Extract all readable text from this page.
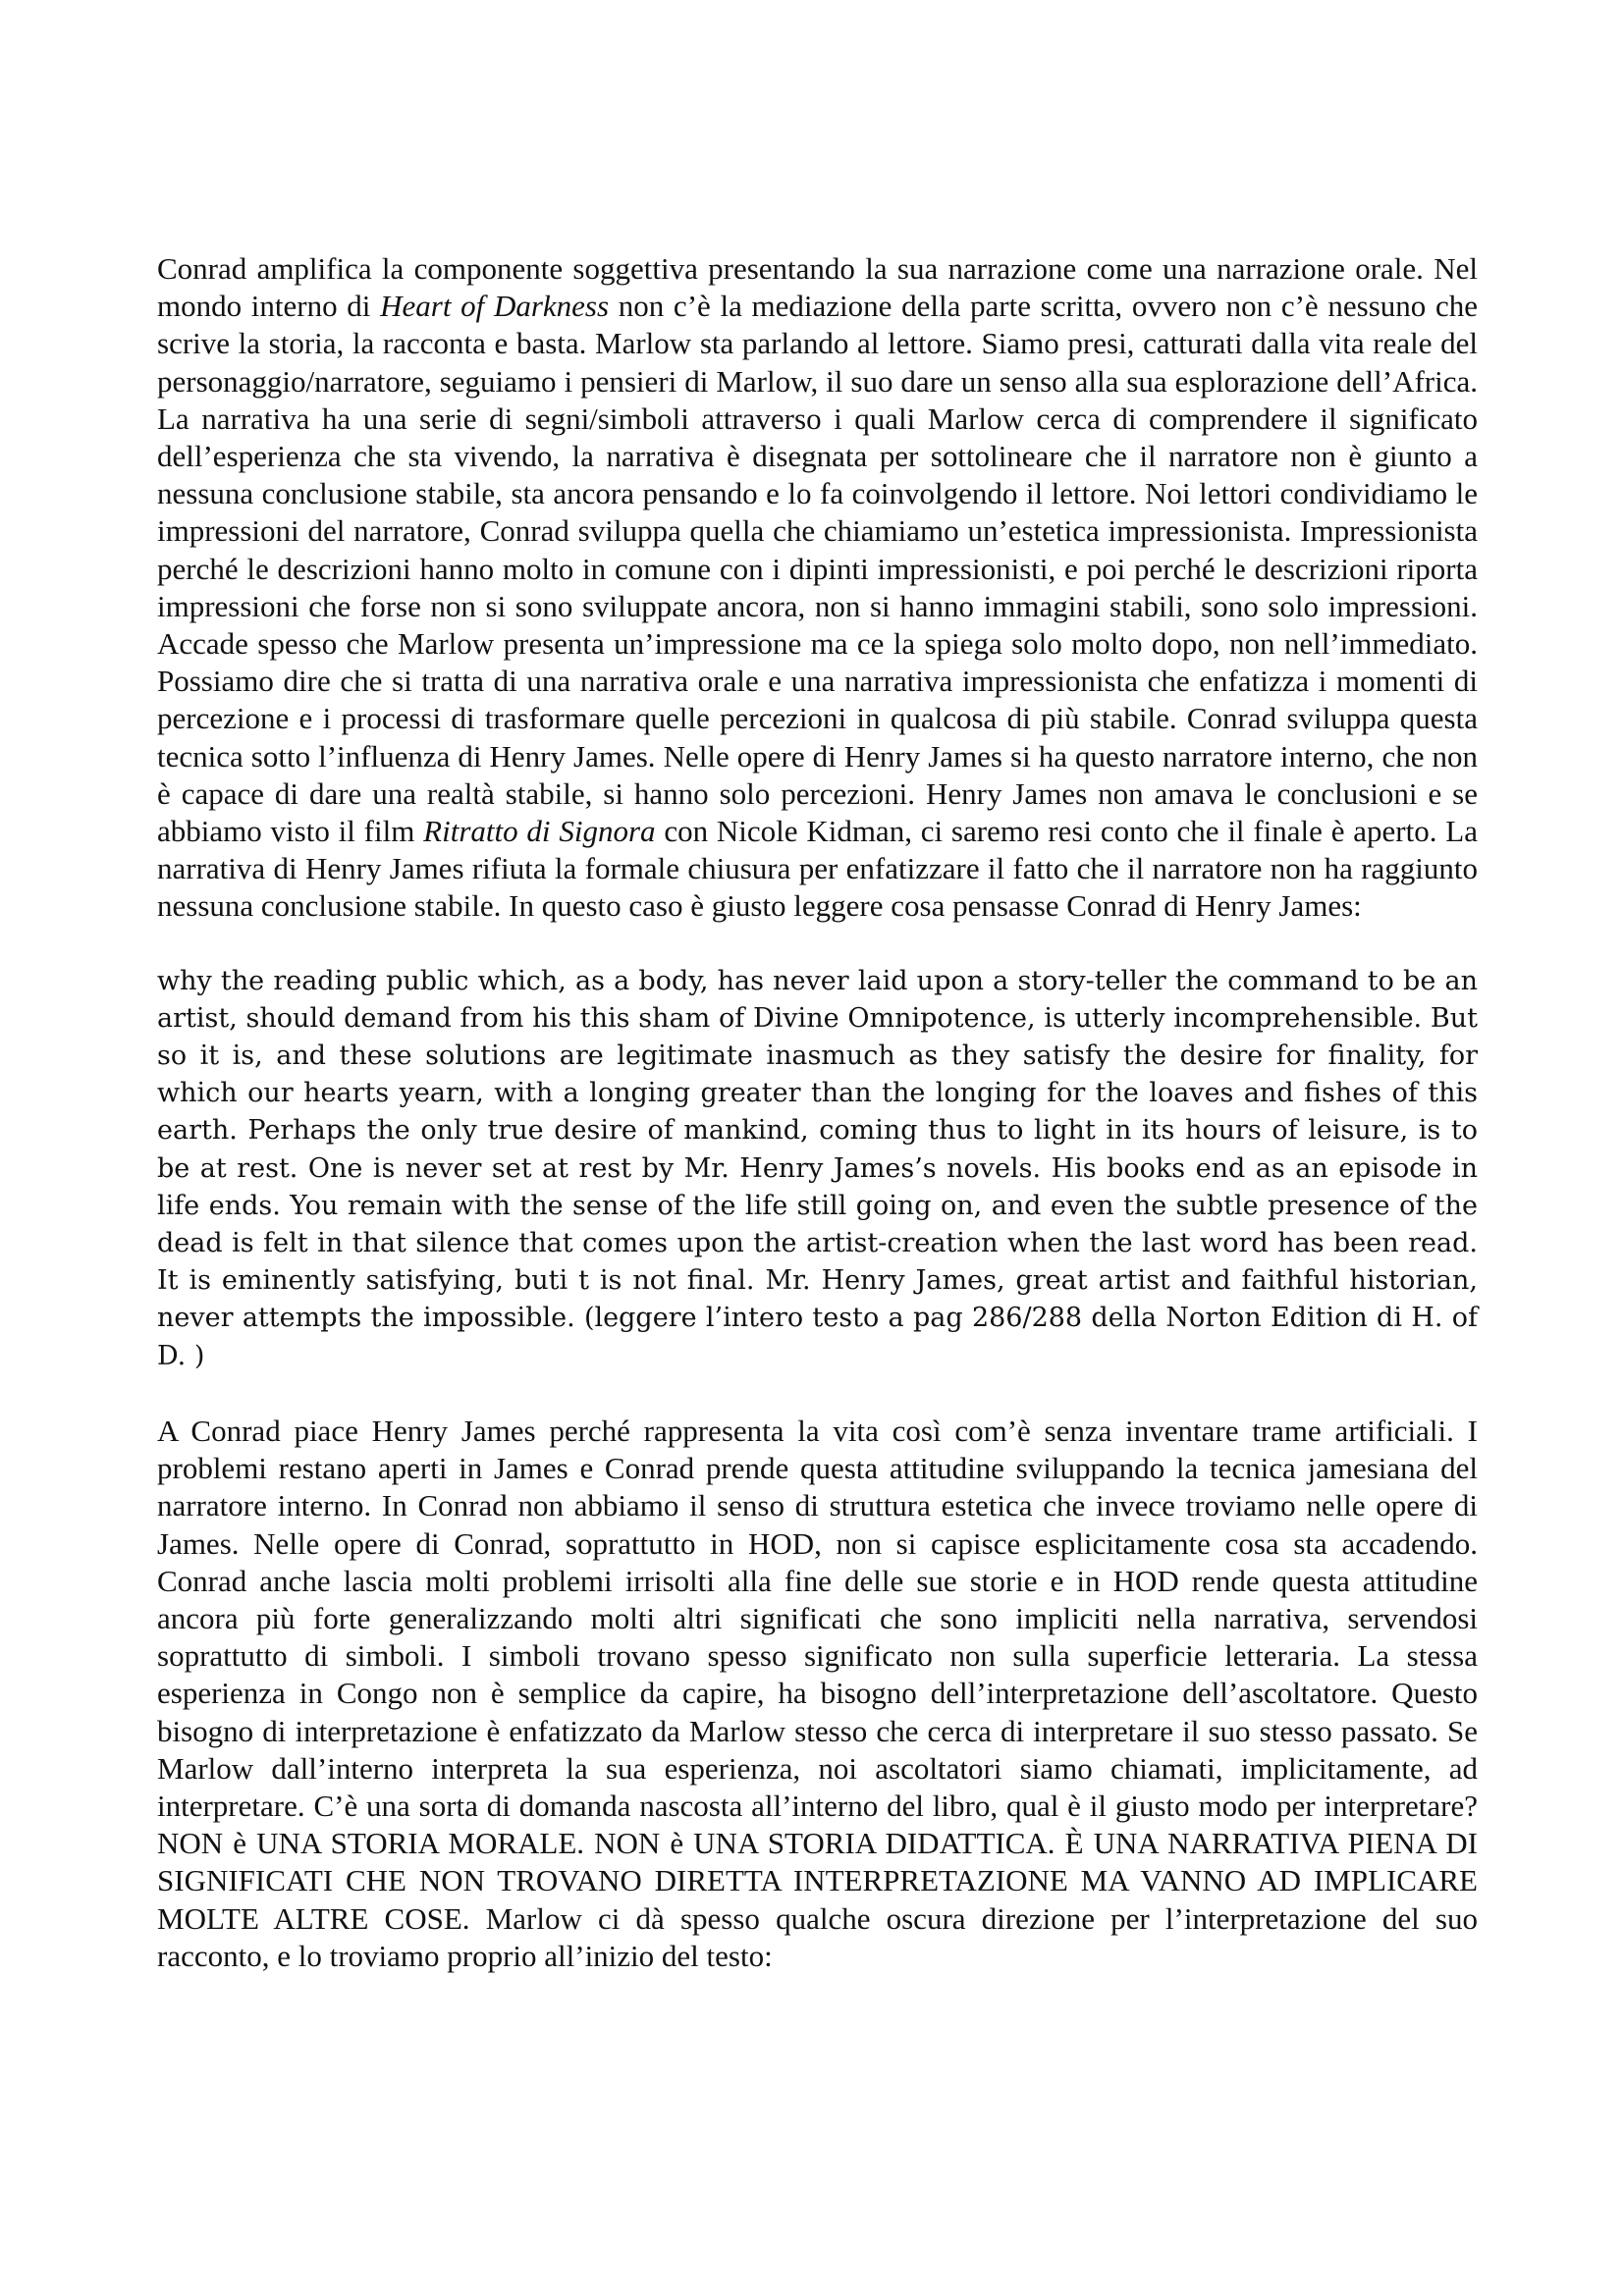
Conrad amplifica la componente soggettiva presentando la sua narrazione come una narrazione orale. Nel mondo interno di Heart of Darkness non c’è la mediazione della parte scritta, ovvero non c’è nessuno che scrive la storia, la racconta e basta. Marlow sta parlando al lettore. Siamo presi, catturati dalla vita reale del personaggio/narratore, seguiamo i pensieri di Marlow, il suo dare un senso alla sua esplorazione dell’Africa. La narrativa ha una serie di segni/simboli attraverso i quali Marlow cerca di comprendere il significato dell’esperienza che sta vivendo, la narrativa è disegnata per sottolineare che il narratore non è giunto a nessuna conclusione stabile, sta ancora pensando e lo fa coinvolgendo il lettore. Noi lettori condividiamo le impressioni del narratore, Conrad sviluppa quella che chiamiamo un’estetica impressionista. Impressionista perché le descrizioni hanno molto in comune con i dipinti impressionisti, e poi perché le descrizioni riporta impressioni che forse non si sono sviluppate ancora, non si hanno immagini stabili, sono solo impressioni. Accade spesso che Marlow presenta un’impressione ma ce la spiega solo molto dopo, non nell’immediato. Possiamo dire che si tratta di una narrativa orale e una narrativa impressionista che enfatizza i momenti di percezione e i processi di trasformare quelle percezioni in qualcosa di più stabile. Conrad sviluppa questa tecnica sotto l’influenza di Henry James. Nelle opere di Henry James si ha questo narratore interno, che non è capace di dare una realtà stabile, si hanno solo percezioni. Henry James non amava le conclusioni e se abbiamo visto il film Ritratto di Signora con Nicole Kidman, ci saremo resi conto che il finale è aperto. La narrativa di Henry James rifiuta la formale chiusura per enfatizzare il fatto che il narratore non ha raggiunto nessuna conclusione stabile. In questo caso è giusto leggere cosa pensasse Conrad di Henry James:

why the reading public which, as a body, has never laid upon a story-teller the command to be an artist, should demand from his this sham of Divine Omnipotence, is utterly incomprehensible. But so it is, and these solutions are legitimate inasmuch as they satisfy the desire for finality, for which our hearts yearn, with a longing greater than the longing for the loaves and fishes of this earth. Perhaps the only true desire of mankind, coming thus to light in its hours of leisure, is to be at rest. One is never set at rest by Mr. Henry James’s novels. His books end as an episode in life ends. You remain with the sense of the life still going on, and even the subtle presence of the dead is felt in that silence that comes upon the artist-creation when the last word has been read. It is eminently satisfying, buti t is not final. Mr. Henry James, great artist and faithful historian, never attempts the impossible. (leggere l’intero testo a pag 286/288 della Norton Edition di H. of D. )

A Conrad piace Henry James perché rappresenta la vita così com’è senza inventare trame artificiali. I problemi restano aperti in James e Conrad prende questa attitudine sviluppando la tecnica jamesiana del narratore interno. In Conrad non abbiamo il senso di struttura estetica che invece troviamo nelle opere di James. Nelle opere di Conrad, soprattutto in HOD, non si capisce esplicitamente cosa sta accadendo. Conrad anche lascia molti problemi irrisolti alla fine delle sue storie e in HOD rende questa attitudine ancora più forte generalizzando molti altri significati che sono impliciti nella narrativa, servendosi soprattutto di simboli. I simboli trovano spesso significato non sulla superficie letteraria. La stessa esperienza in Congo non è semplice da capire, ha bisogno dell’interpretazione dell’ascoltatore. Questo bisogno di interpretazione è enfatizzato da Marlow stesso che cerca di interpretare il suo stesso passato. Se Marlow dall’interno interpreta la sua esperienza, noi ascoltatori siamo chiamati, implicitamente, ad interpretare. C’è una sorta di domanda nascosta all’interno del libro, qual è il giusto modo per interpretare? NON è UNA STORIA MORALE. NON è UNA STORIA DIDATTICA. È UNA NARRATIVA PIENA DI SIGNIFICATI CHE NON TROVANO DIRETTA INTERPRETAZIONE MA VANNO AD IMPLICARE MOLTE ALTRE COSE. Marlow ci dà spesso qualche oscura direzione per l’interpretazione del suo racconto, e lo troviamo proprio all’inizio del testo:
